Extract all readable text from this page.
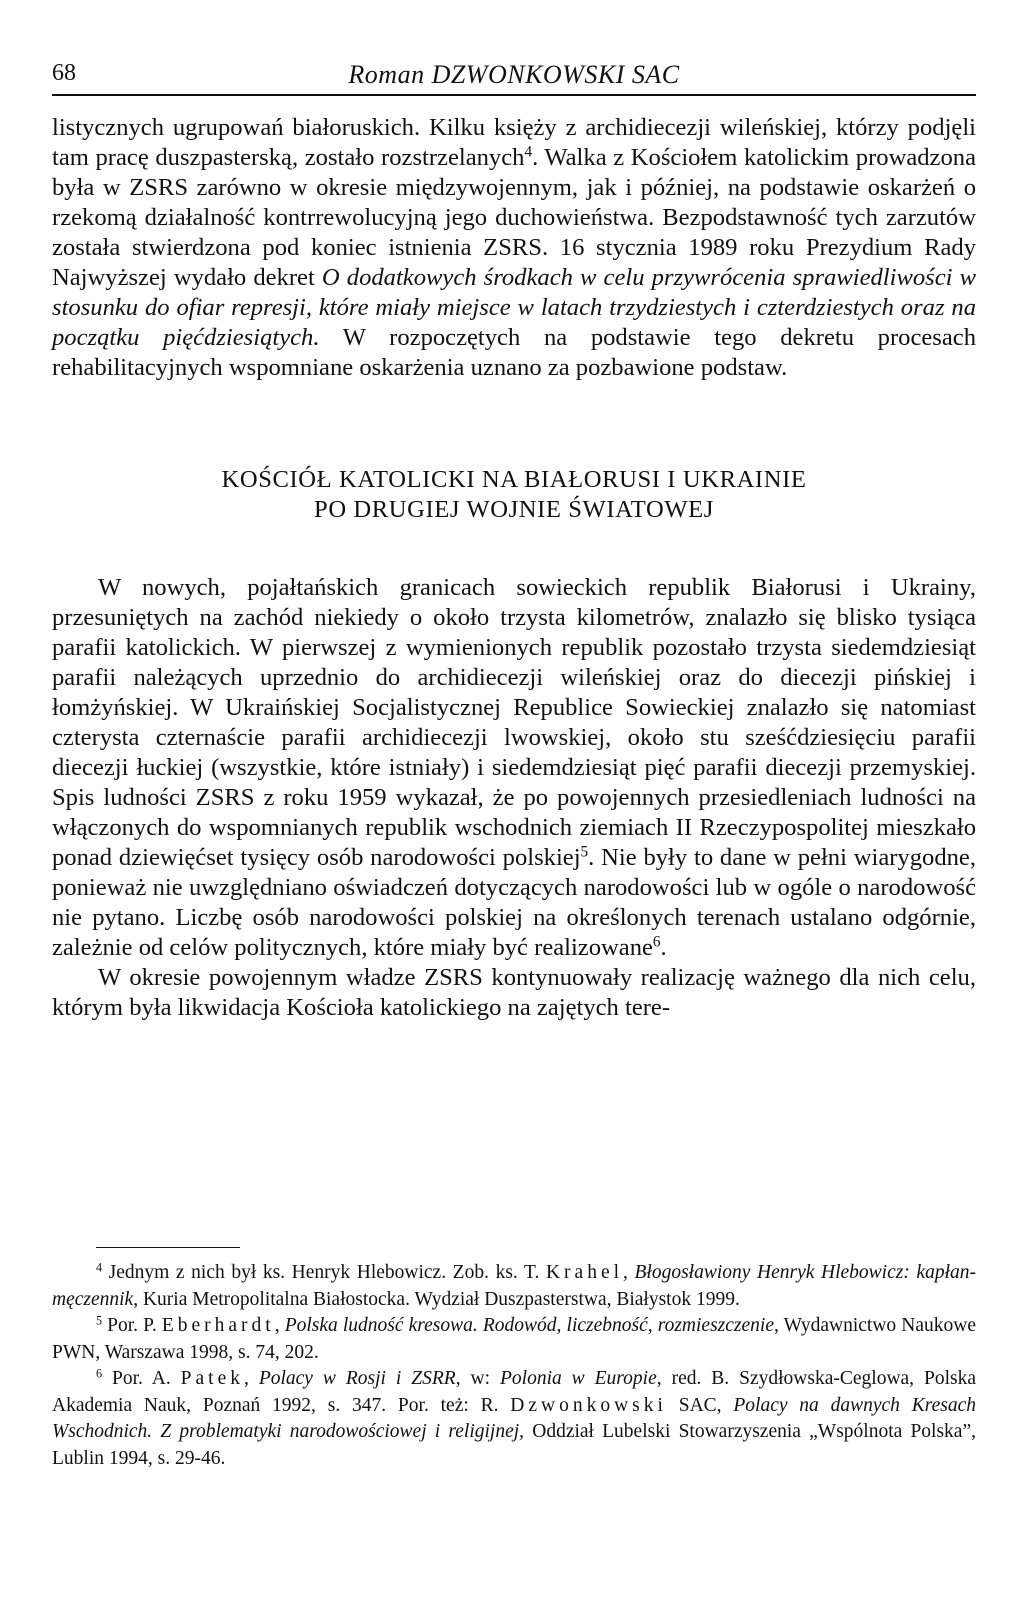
68	Roman DZWONKOWSKI SAC

listycznych ugrupowań białoruskich. Kilku księży z archidiecezji wileńskiej, którzy podjęli tam pracę duszpasterską, zostało rozstrzelanych$^4$. Walka z Kościołem katolickim prowadzona była w ZSRS zarówno w okresie międzywojennym, jak i później, na podstawie oskarżeń o rzekomą działalność kontrrewolucyjną jego duchowieństwa. Bezpodstawność tych zarzutów została stwierdzona pod koniec istnienia ZSRS. 16 stycznia 1989 roku Prezydium Rady Najwyższej wydało dekret O dodatkowych środkach w celu przywrócenia sprawiedliwości w stosunku do ofiar represji, które miały miejsce w latach trzydziestych i czterdziestych oraz na początku pięćdziesiątych. W rozpoczętych na podstawie tego dekretu procesach rehabilitacyjnych wspomniane oskarżenia uznano za pozbawione podstaw.

KOŚCIÓŁ KATOLICKI NA BIAŁORUSI I UKRAINIE
PO DRUGIEJ WOJNIE ŚWIATOWEJ

W nowych, pojałtańskich granicach sowieckich republik Białorusi i Ukrainy, przesuniętych na zachód niekiedy o około trzysta kilometrów, znalazło się blisko tysiąca parafii katolickich. W pierwszej z wymienionych republik pozostało trzysta siedemdziesiąt parafii należących uprzednio do archidiecezji wileńskiej oraz do diecezji pińskiej i łomżyńskiej. W Ukraińskiej Socjalistycznej Republice Sowieckiej znalazło się natomiast czterysta czternaście parafii archidiecezji lwowskiej, około stu sześćdziesięciu parafii diecezji łuckiej (wszystkie, które istniały) i siedemdziesiąt pięć parafii diecezji przemyskiej. Spis ludności ZSRS z roku 1959 wykazał, że po powojennych przesiedleniach ludności na włączonych do wspomnianych republik wschodnich ziemiach II Rzeczypospolitej mieszkało ponad dziewięćset tysięcy osób narodowości polskiej$^5$. Nie były to dane w pełni wiarygodne, ponieważ nie uwzględniano oświadczeń dotyczących narodowości lub w ogóle o narodowość nie pytano. Liczbę osób narodowości polskiej na określonych terenach ustalano odgórnie, zależnie od celów politycznych, które miały być realizowane$^6$.

W okresie powojennym władze ZSRS kontynuowały realizację ważnego dla nich celu, którym była likwidacja Kościoła katolickiego na zajętych tere-

$^4$ Jednym z nich był ks. Henryk Hlebowicz. Zob. ks. T. Krahel, Błogosławiony Henryk Hlebowicz: kapłan-męczennik, Kuria Metropolitalna Białostocka. Wydział Duszpasterstwa, Białystok 1999.

$^5$ Por. P. Eberhardt, Polska ludność kresowa. Rodowód, liczebność, rozmieszczenie, Wydawnictwo Naukowe PWN, Warszawa 1998, s. 74, 202.

$^6$ Por. A. Patek, Polacy w Rosji i ZSRR, w: Polonia w Europie, red. B. Szydłowska-Ceglowa, Polska Akademia Nauk, Poznań 1992, s. 347. Por. też: R. Dzwonkowski SAC, Polacy na dawnych Kresach Wschodnich. Z problematyki narodowościowej i religijnej, Oddział Lubelski Stowarzyszenia „Wspólnota Polska”, Lublin 1994, s. 29-46.
